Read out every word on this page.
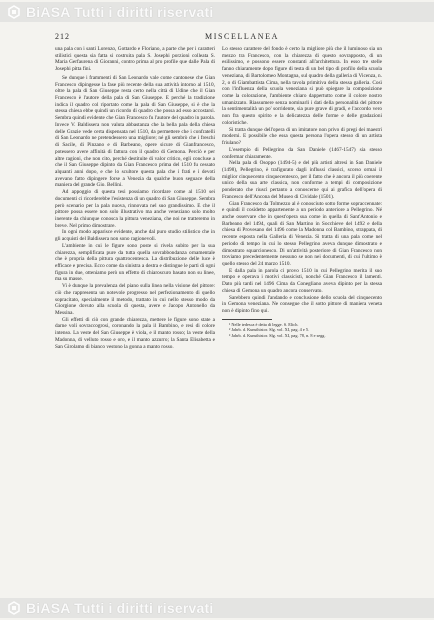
BiASA Tutti i diritti riservati
212	MISCELLANEA

una pala con i santi Lorenzo, Gottardo e Floriano, a parte che per i caratteri stilistici questa sia fatta si costruita pala S. Josephi porzioni colleata S. Maria Gerfaurena di Gioranni, contro prima al pro profile que dalle Pala di Josephi pitta fini.

Se dunque i frammenti di San Leonardo vale come cantonese che Gian Francesco dipingesse la fase più recente della sua attività intorno al 1510, oltre la pala di San Giuseppe resta certo nella città di Udine che il Gian Francesco è l'autore della pala di San Giuseppe. E perché la tradizione indica il quadro col riportato come la pala di San Giuseppe, si è che la stessa chiesa ebbe quindi un ricordo di quadro che possa ad esso accostarsi. Sembra quindi evidente che Gian Francesco fu l'autore del quadro in parola. Invece V. Baldissera non valuta abbastanza che la bella pala della chiesa delle Grazie vede certa dispensata nel 1510, da permettere che i confratelli di San Leonardo ne pretendessero una migliore; né gli sembrò che i freschi di Sacile, di Pinzano e di Barbeano, opere sicure di Gianfrancesco, potessero avere affinità di fattura con il quadro di Gemona. Perciò e per altre ragioni, che non cito, perché destituite di valor critico, egli concluse a che il San Giuseppe dipinto da Gian Francesco prima del 1510 fu cessato alquanti anni dopo, e che lo scultore questa pala che i frati e i devoti avevano fatto dipingere forse a Venezia da qualche buon seguace della maniera del grande Gio. Bellini.

Ad appoggio di questa tesi possiamo ricordare come al 1510 sei documenti ci ricorderebbe l'esistenza di un quadro di San Giuseppe. Sembra però scenario per la pala nuova, rinnovata nel suo grandissimo. E che il pittore possa essere non solo illustrativo ma anche veneziano solo molto inerente da chiunque conosca la pittura veneziana, che noi ne tratteremo in breve. Nel primo dimostrare.

In ogni modo apparisce evidente, anche dal puro studio stilistico che in gli acquisti del Baldissera non sono ragionevoli.

L'ambiente in cui le figure sono poste si rivela subito per la sua chiarezza, semplificata pure da tutta quella sovrabbondanza ornamentale che è propria della pittura quattrocentesca. La distribuzione delle luce è efficace e precisa. Ecco come da sinistra a destra e distingue le parti di ogni figura in due, otteniamo però un effetto di chiaroscuro basato non su linee, ma su masse.

Vi è dunque la prevalenza del piano sulla linea nella visione del pittore: ciò che rappresenta un notevole progresso nel perfezionamento di quello sopracitato, specialmente il metodo, trattato in cui nello stesso modo da Giorgione dovuto alla scuola di questa, avere e Jacopo Antonello da Messina.

Gli effetti di ciò con grande chiarezza, mettere le figure sono state a darne voli sovraccogrosi, coronando la pala il Bambino, e resi di colore intenso. La veste del San Giuseppe è viola, e il manto rosso; la veste della Madonna, di velluto rosso e oro, e il manto azzurro; la Santa Elisabetta e San Girolamo di bianco vestono la gonna a manto rosso.

Lo stesso carattere del fondo è certo la migliore più che il luminoso sia un mezzo tra Francesco, con la chiarezza di questo sovrapposto, di un esilissimo, e possono essere constanti all'architettura. In esso tre stelle fanno chiaramente dopo figure di testa di un bel tipo di profilo della scuola veneziana, di Bartolomeo Montagna, sul quadro della galleria di Vicenza, n. 2, o di Giambattista Cima, nella tavola primitiva della stessa galleria. Così con l'influenza della scuola veneziana si può spiegare la composizione come la colorazione, l'ambiente chiaro dappertutto come il colore nostro umanizzato. Riassumere senza nominarli i dati della personalità del pittore la sentimentalità un po' sorridente, sia pure grave di gradi, e l'accordo vero non fra questo spirito e la delicatezza delle forme e delle gradazioni coloristiche.

Si tratta dunque dell'opera di un imitatore non privo di pregi dei maestri moderni. E possibile che essa questa persona l'opera stesso di un artista friulano?

L'esempio di Pellegrino da San Daniele (1467-1547) sia stesso confermar chiaramente.

Nella pala di Osoppo (1494-5) e del più artisti altresì in San Daniele (1498), Pellegrino, è trafigurato dagli influssi classici, scorso ormai il miglior cinquecento cinquecentesco, per il fatto che è ancora il più coerente unico della sua arte classica, non conforme a tempi di composizione ponderato che riuscì pertanto a conoscerne qui ai grafica dell'opera di Francesco dell'Ancona del Museo di Cividale (1501).

Gian Francesco da Tolmezzo al è conosciuto sotto forme sopraccennate: e quindi il cosìdetto appartenente a un periodo anteriore a Pellegrino. Né anche osservare che in quest'opera sua come in quella di Sant'Antonio e Barbeano del 1494, quali di San Martino in Socchieve del 1492 e della chiesa di Provesano del 1496 come la Madonna col Bambino, strappata, di recente esposta nella Galleria di Venezia. Si tratta di una pala come nel periodo di tempo in cui lo stesso Pellegrino aveva dunque dimostrato e dimostrato squarcionesco. Di un'attività posteriore di Gian Francesco non troviamo precedentemente nessuno se non nei documenti, di cui l'ultimo è quello stesso del 24 marzo 1510.

E dalla pala in parola ci provo 1510 in cui Pellegrino merita il suo tempo e operava i motivi classicisti, nonché Gian Francesco il lamenti. Dato più tardi nel 1496 Cima da Conegliano aveva dipinto per la stessa chiesa di Gemona un quadro ancora conservato.

Sarebbero quindi l'andando e conclusione dello scuola del cinquecento in Gemona veneziana. Ne consegue che il sotto pittore di maniera veneta non è dipinto fino qui.

¹ Nelle tedesca è detta di legge. S. Elich.

² Jahrb. d. Kunsthistor. Slg. vol. XI, pag. 4 e 5.

³ Jahrb. d. Kunsthistor. Slg. vol. XI, pag. 78, n. 8 e segg.

BiASA Tutti i diritti riservati
